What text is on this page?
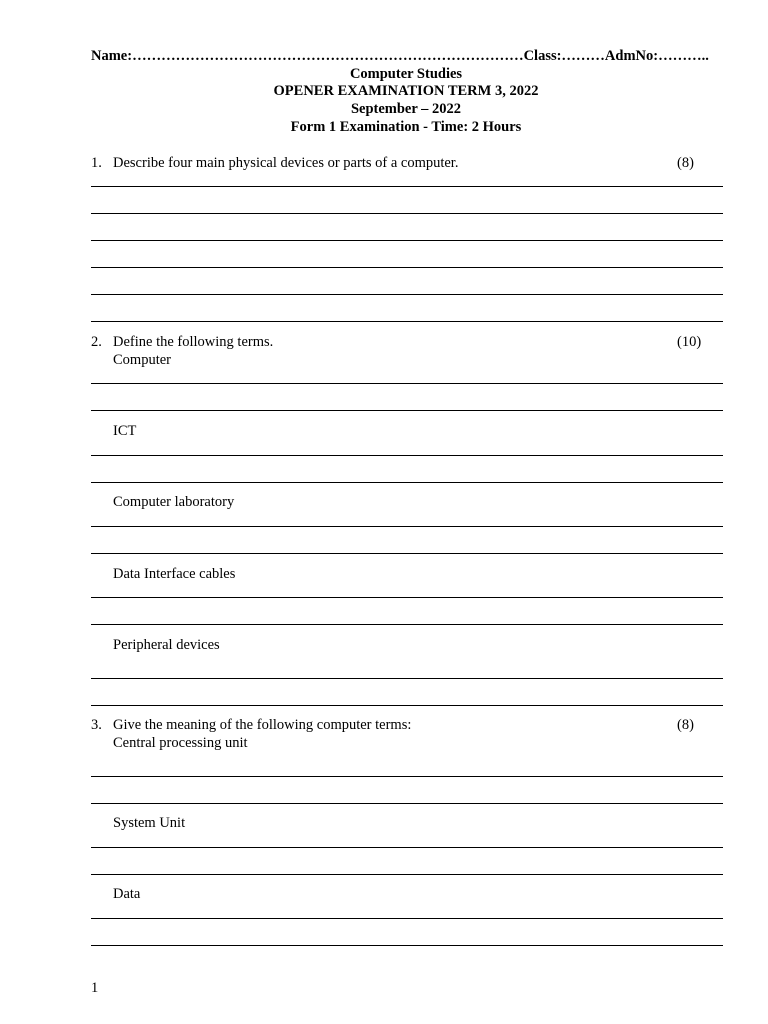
Name:………………………………………………………………………Class:………AdmNo:………..
Computer Studies
OPENER EXAMINATION TERM 3, 2022
September – 2022
Form 1 Examination - Time: 2 Hours
1. Describe four main physical devices or parts of a computer.	(8)
2. Define the following terms.	(10)
Computer
ICT
Computer laboratory
Data Interface cables
Peripheral devices
3. Give the meaning of the following computer terms:	(8)
Central processing unit
System Unit
Data
1
